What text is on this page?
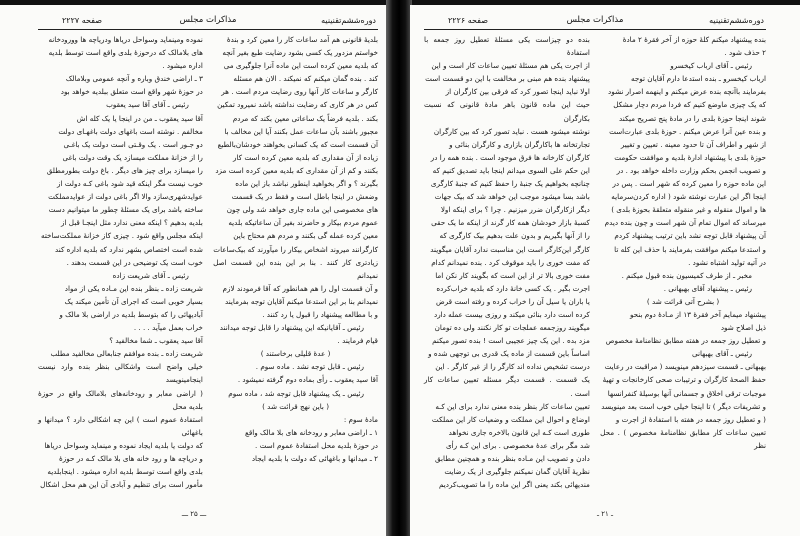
دوره‌ششم‌تقنینیه
مذاکرات مجلس
صفحه ۲۲۲۷

بلدیهٔ قانونی هم آمد ساعات کار را معین کرد و بندهٔ

خواستم مزدور یک کسی بشود رضایت طبع بغیر آنچه

که بلدیه معین کرده است این ماده آنرا جلوگیری می

کند . بنده گمان میکنم که نمیکند . الان هم مسئله

کارگر و ساعات کار آنها روی رضایت مردم است . هر

کس در هر کاری که رضایت نداشته باشد نمیرود تمکین

بکند . بلدیه فرضاً یک ساعاتی معین بکند که مردم

مجبور باشند بآن ساعات عمل بکنند آیا این مخالف با

آن قسمت است که یک کسانی بخواهند خودشان‌بالطبع

زیاده از آن مقداری که بلدیه معین کرده است کار

بکنند و کم از آن مقداری که بلدیه معین کرده است مزد

بگیرند ؟ و اگر بخواهید اینطور نباشد باز این ماده

وضعش در اینجا باطل است و فقط در یک قسمت

های مخصوصی این ماده جاری خواهد شد ولی چون

عموم مردم بیکار و حاضرند بغیر آن ساعاتیکه بلدیه

معین کرده عمله گی بکنند و مردم هم محتاج باین

کارگرانند میروند اشخاص بیکار را میآورند که بیک‌ساعات

زیادتری کار کنند . بنا بر این بنده این قسمت اصل نمیدانم

و آن قسمت اول را هم همانطور که آقا فرمودند لازم

نمیدانم بنا بر این استدعا میکنم آقایان توجه بفرمایند

و با مطالعه پیشنهاد را قبول یا رد کنند .

رئیس ـ آقایانیکه این پیشنهاد را قابل توجه میدانند

قیام فرمایند .

( عدهٔ قلیلی برخاستند )

رئیس ـ قابل توجه نشد . ماده سوم .

آقا سید یعقوب ـ رأی بماده دوم گرفته نمیشود .

رئیس ـ یک پیشنهاد قابل توجه شد ، ماده سوم

( باین نهج قرائت شد )

مادهٔ سوم :

۱ ـ اراضی معابر و رودخانه های بلا مالک واقع

در حوزهٔ بلدیه محل استفادهٔ عموم است .

۲ ـ میدانها و باغهائی که دولت با بلدیه ایجاد

نموده ومینماید وسواحل دریاها ودریاچه ها وورودخانه

های بلامالک که درحوزهٔ بلدی واقع است توسط بلدیه

اداره میشود .

۳ ـ اراضی خندق وباره و آنچه عمومی وبلامالک

در حوزهٔ شهر واقع است متعلق ببلدیه خواهد بود

رئیس ـ آقای آقا سید یعقوب

آقا سید یعقوب ـ من در اینجا یا یک کله اش

مخالفم . نوشته است باغهای دولت باغهـای دولت

دو جـور است . یک وقـتی است دولت یک باغـی

را از خزانهٔ مملکت میسازد یک وقت دولت باغی

را میسازد برای چیز های دیگر . باغ دولت بطورمطلق

خوب نیست مگر اینکه قید شود باغی کـه دولت از

عوایدشهری‌سازد والا اگر باغی دولت از عوایدمملکت

ساخته باشد برای یک مسئلهٔ چطور ما میتوانیم دست

بلدیه بدهیم ؟ اینکه معنی ندارد مثل اینجـا قبل از

اینکه مجلس واقع شود . چیزی کاز خزانهٔ مملکت‌ساخته

شده است اختصاص بشهر ندارد که بلدیه اداره کند

خوب است یک توضیحی در این قسمت بدهند .

رئیس ـ آقای شریعت زاده

شریعت زاده ـ بنظر بنده این مـاده یکی از مواد

بسیار خوبی است که اجرای آن تأمین میکند یک

آبادیهائی را که بتوسط بلدیه در اراضی بلا مالک و

خراب بعمل میآید . . . .

آقا سید یعقوب ـ شما مخالفید ؟

شریعت زاده ـ بنده موافقم جنابعالی مخالفید مطلب

خیلی واضح است واشکالی بنظر بنده وارد نیست اینجامینویسد

( اراضی معابر و رودخانه‌های بلامالک واقع در حوزهٔ بلدیه محل

استفادهٔ عموم است ) این چه اشکالی دارد ؟ میدانها و باغهائی

که دولت یا بلدیه ایجاد نموده و مینماید وسواحل دریاها

و دریاچه ها و رود خانه های بلا مالک کـه در حوزهٔ

بلدی واقع است توسط بلدیه اداره میشود . اینجابلدیه

مأمور است برای تنظیم و آبادی آن این هم محل اشکال

ـــ ۲۵ ـــ
دوره‌ششم‌تقنینیه
مذاکرات مجلس
صفحه ۲۲۲۶

بنده پیشنهاد میکنم کلهٔ حوزه از آخر فقرهٔ ۲ مادهٔ

۲ حذف شود .

رئیس ـ آقای ارباب کیخسرو

ارباب کیخسرو ـ بنده استدعا دارم آقایان توجه

بفرمایند باآنچه بنده عرض میکنم و اینهمه اصرار نشود

که یک چیزی ماوضع کنیم که فردا مردم دچار مشکل

شوند اینجا حوزهٔ بلدی را در مادهٔ پنج تصریح میکند

و بنده عین آنرا عرض میکنم . حوزهٔ بلدی عبارت‌است

از شهر و اطراف آن تا حدود معینه . تعیین و تغییر

حوزهٔ بلدی با پیشنهاد ادارهٔ بلدیه و موافقت حکومت

و تصویب انجمن بحکم وزارت داخله خواهد بود . در

این ماده حوزه را معین کرده که شهر است . پس در

اینجا اگر این عبارت نوشته شود ( اداره کردن‌سرمایه

ها و اموال منقوله و غیر منقوله متعلقهٔ بحوزهٔ بلدی )

میرساند که اموال تمام آن شهر است و چون بنده دیدم

آن پیشنهاد قابل توجه نشد باین ترتیب پیشنهاد کردم

و استدعا میکنم موافقت بفرمایند با حذف این کله تا

در آتیه تولید اشتباه نشود .

مخبر ـ از طرف کمیسیون بنده قبول میکنم .

رئیس ـ پیشنهاد آقای بهبهانی .

( بشرح آتی قرائت شد )

پیشنهاد میمایم آخر فقرهٔ ۱۳ از مـادهٔ دوم بنحو

ذیل اصلاح شود

و تعطیل روز جمعه در هفته مطابق نظامنامهٔ مخصوص

رئیس ـ آقای بهبهانی

بهبهانی ـ قسمت سیزدهم مینویسد ( مراقبت در رعایت

حفظ الصحهٔ کارگران و ترتیبات صحی کارخانجات و تهیهٔ

موجبات ترقی اخلاق و جسمانی آنها بوسیلهٔ کنفرانسها

و تشریفات دیگر ) تا اینجا خیلی خوب است بعد مینویسد

( و تعطیل روز جمعه در هفته با استفادهٔ از اجرت و

تعیین ساعات کار مطابق نظامنامهٔ مخصوص ) . محل نظر

بنده دو چیزاست یکی مسئلهٔ تعطیل روز جمعه با استفادهٔ

از اجرت یکی هم مسئلهٔ تعیین ساعات کار است و این

پیشنهاد بنده هم مبنی بر مخالفت با این دو قسمت است

اولا نباید اینجا تصور کرد که فرقی بین کارگران از

حیث این ماده قانون باهر مادهٔ قانونی که نسبت بکارگران

نوشته میشود هست . نباید تصور کرد که بین کارگران

تجارتخانه ها باکارگران بازاری و کارگران بنائی و

کارگران کارخانه ها فرق موجود است . بنده همه را در

این حکم علی السوی میدانم اینجا باید تصدیق کنیم که

چنانچه بخواهیم یک جنبهٔ را حفظ کنیم که جنبهٔ کارگری

باشد بسا میشود موجب این خواهد شد که بیک جهات

دیگر ازکارگران ضرر میزنیم . چرا ؟ برای اینکه اولا

کسبهٔ بازار خودشان همه کار گرند از اینکه ما یک حقی

را از آنها بگیریم و بدون علت بدهیم بیک کارگری که

کارگر این‌کارگر است این مناسبت ندارد آقایان میگویند

که مفت خوری را باید موقوف کرد . بنده نمیدانم کدام

مفت خوری بالا تر از این است که بگویند کار نکن اما

اجرت بگیر . یک کسی خانهٔ دارد که بلدیه خراب‌کرده

یا باران یا سیل آن را خراب کرده و رفته است قرض

کرده است دارد بنائی میکند و روزی بیست عمله دارد

میگویند روزجمعه عملجات تو کار نکنند ولی ده تومان

مزد بده . این یک چیز عجیبی است ! بنده تصور میکنم

اساساً باین قسمت از ماده یک قدری بی توجهی شده و

درست تشخیص نداده اند کارگر را از غیر کارگر . این

یک قسمت . قسمت دیگر مسئله تعیین ساعات کار است .

تعیین ساعات کار بنظر بنده معنی ندارد برای این کـه

اوضاع و احوال این مملکت و وضعیات کار این مملکت

طوری است کـه این قانون بالاخره جاری نخواهد

شد مگر برای عدهٔ مخصوصی . برای این کـه رأی

دادن و تصویب این مـاده بنظر بنده و همچنین مطابق

نظریهٔ آقایان گمان نمیکنم جلوگیری از یک رضایت

مندیهائی بکند یعنی اگر این ماده را ما تصویب‌کردیم

ـ ۲۱ ـ
